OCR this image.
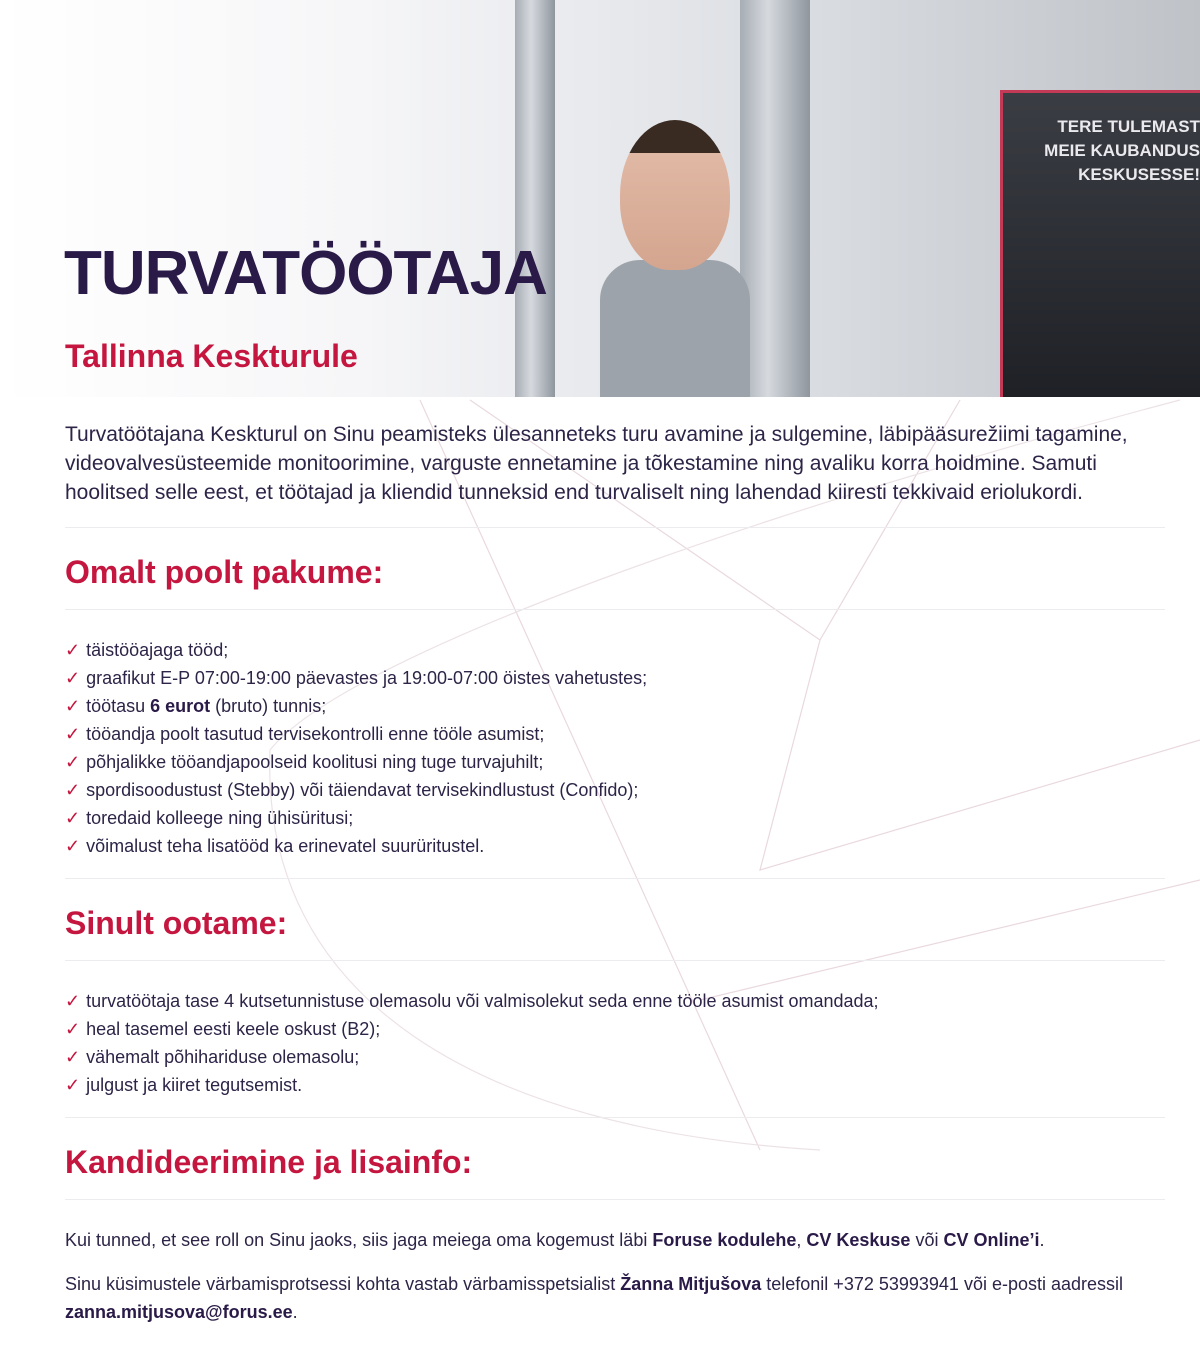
TERE TULEMAST
MEIE KAUBANDUS
KESKUSESSE!
TURVATÖÖTAJA
Tallinna Keskturule

Turvatöötajana Keskturul on Sinu peamisteks ülesanneteks turu avamine ja sulgemine, läbipääsurežiimi tagamine, videovalvesüsteemide monitoorimine, varguste ennetamine ja tõkestamine ning avaliku korra hoidmine. Samuti hoolitsed selle eest, et töötajad ja kliendid tunneksid end turvaliselt ning lahendad kiiresti tekkivaid eriolukordi.

Omalt poolt pakume:
✓ täistööajaga tööd;
✓ graafikut E-P 07:00-19:00 päevastes ja 19:00-07:00 öistes vahetustes;
✓ töötasu 6 eurot (bruto) tunnis;
✓ tööandja poolt tasutud tervisekontrolli enne tööle asumist;
✓ põhjalikke tööandjapoolseid koolitusi ning tuge turvajuhilt;
✓ spordisoodustust (Stebby) või täiendavat tervisekindlustust (Confido);
✓ toredaid kolleege ning ühisüritusi;
✓ võimalust teha lisatööd ka erinevatel suurüritustel.
Sinult ootame:
✓ turvatöötaja tase 4 kutsetunnistuse olemasolu või valmisolekut seda enne tööle asumist omandada;
✓ heal tasemel eesti keele oskust (B2);
✓ vähemalt põhihariduse olemasolu;
✓ julgust ja kiiret tegutsemist.
Kandideerimine ja lisainfo:

Kui tunned, et see roll on Sinu jaoks, siis jaga meiega oma kogemust läbi Foruse kodulehe, CV Keskuse või CV Online’i.

Sinu küsimustele värbamisprotsessi kohta vastab värbamisspetsialist Žanna Mitjušova telefonil +372 53993941 või e-posti aadressil zanna.mitjusova@forus.ee.
